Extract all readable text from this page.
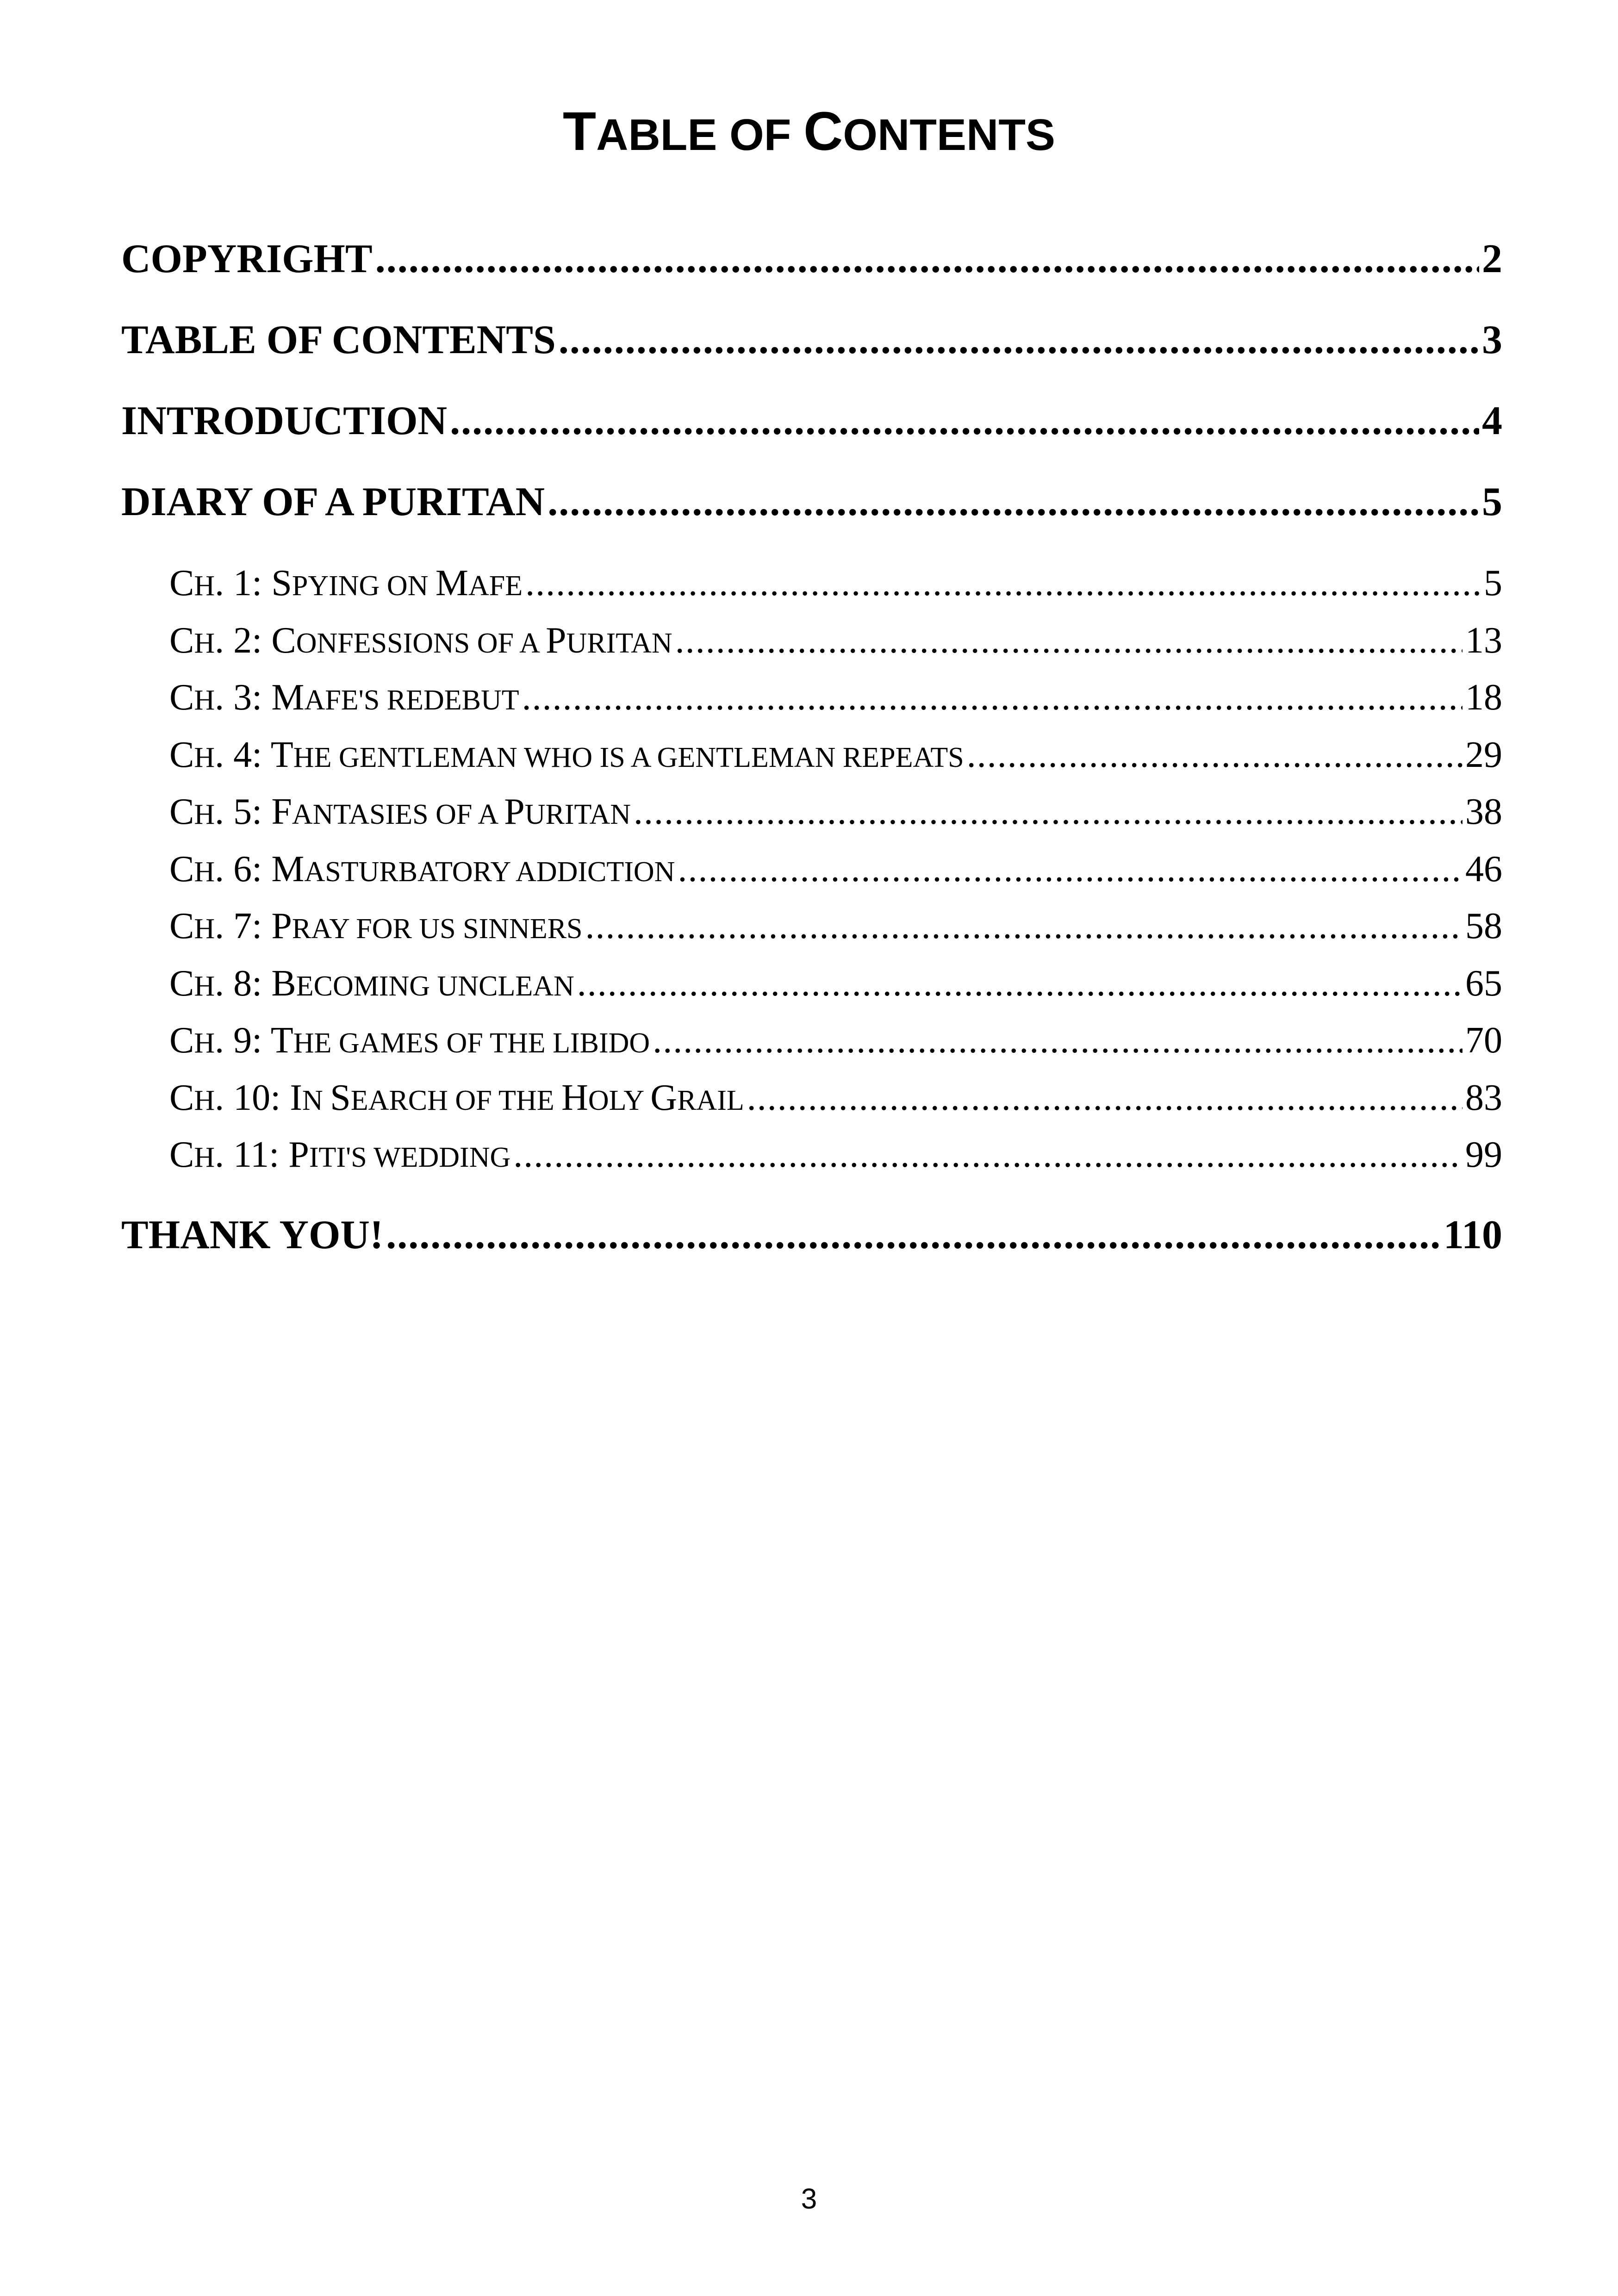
TABLE OF CONTENTS
COPYRIGHT .....	2
TABLE OF CONTENTS .....	3
INTRODUCTION .....	4
DIARY OF A PURITAN .....	5
CH. 1: SPYING ON MAFE .....	5
CH. 2: CONFESSIONS OF A PURITAN .....	13
CH. 3: MAFE'S REDEBUT .....	18
CH. 4: THE GENTLEMAN WHO IS A GENTLEMAN REPEATS .....	29
CH. 5: FANTASIES OF A PURITAN .....	38
CH. 6: MASTURBATORY ADDICTION .....	46
CH. 7: PRAY FOR US SINNERS .....	58
CH. 8: BECOMING UNCLEAN .....	65
CH. 9: THE GAMES OF THE LIBIDO .....	70
CH. 10: IN SEARCH OF THE HOLY GRAIL .....	83
CH. 11: PITI'S WEDDING .....	99
THANK YOU! .....	110
3
